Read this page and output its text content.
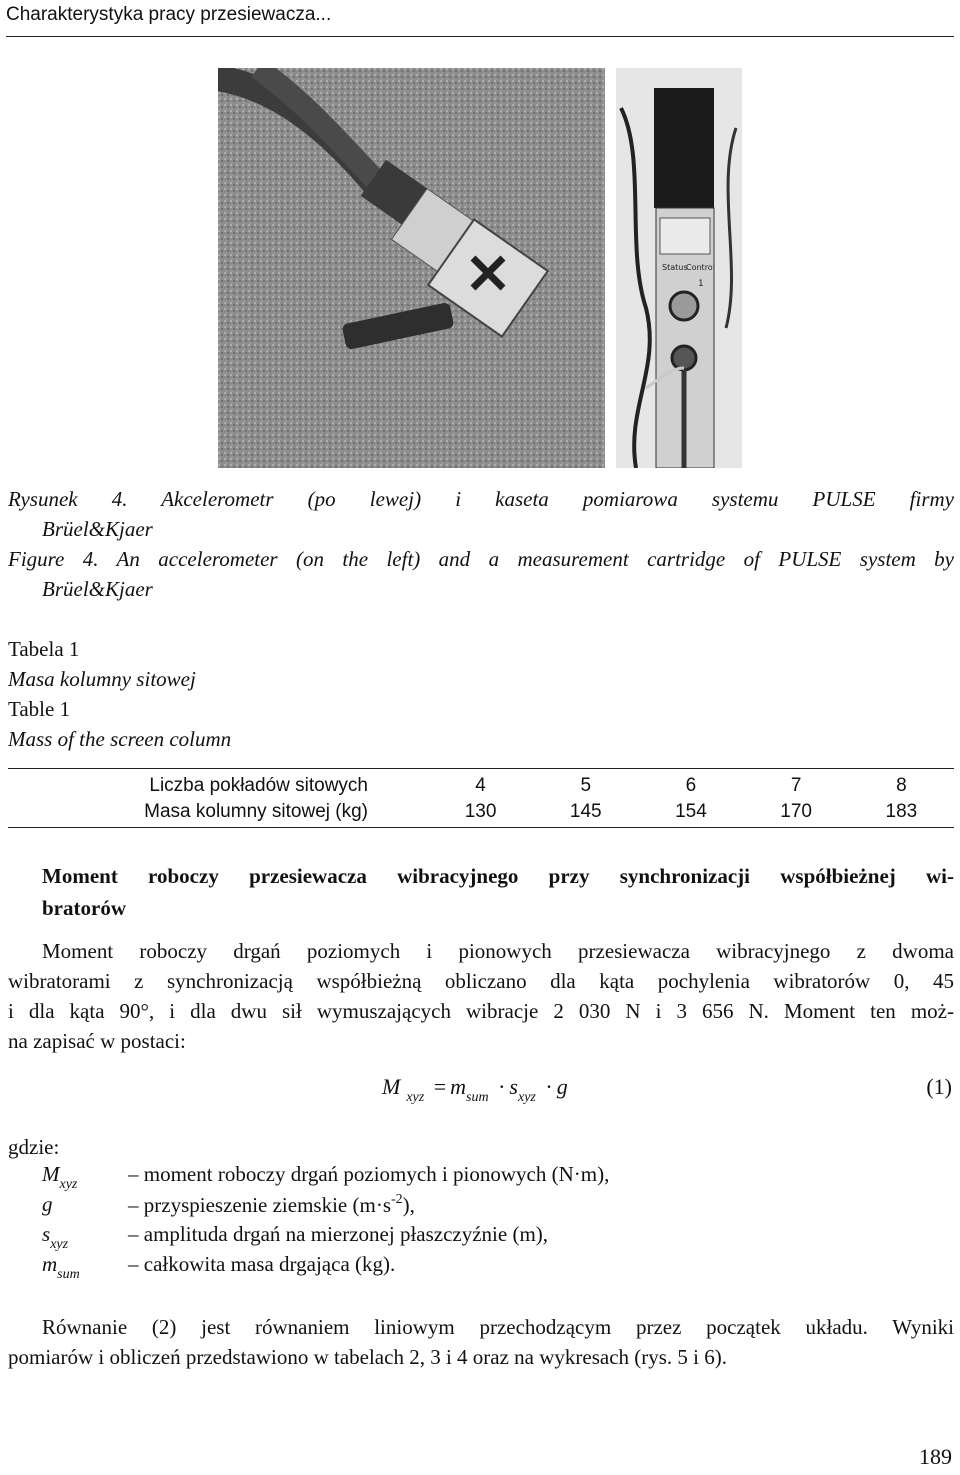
Charakterystyka pracy przesiewacza...
Status
Control
1
Rysunek 4. Akcelerometr (po lewej) i kaseta pomiarowa systemu PULSE firmy
Brüel&Kjaer
Figure 4. An accelerometer (on the left) and a measurement cartridge of PULSE system by
Brüel&Kjaer
Tabela 1
Masa kolumny sitowej
Table 1
Mass of the screen column
Liczba pokładów sitowych	4	5	6	7	8
Masa kolumny sitowej (kg)	130	145	154	170	183
Moment roboczy przesiewacza wibracyjnego przy synchronizacji współbieżnej wi-
bratorów
Moment roboczy drgań poziomych i pionowych przesiewacza wibracyjnego z dwoma
wibratorami z synchronizacją współbieżną obliczano dla kąta pochylenia wibratorów 0, 45
i dla kąta 90°, i dla dwu sił wymuszających wibracje 2 030 N i 3 656 N. Moment ten moż-
na zapisać w postaci:
M $_{xyz} = m_{sum} \cdot s_{xyz} \cdot g$	(1)
gdzie:
$M_{xyz}$ – moment roboczy drgań poziomych i pionowych (N·m),
g	– przyspieszenie ziemskie $(m\cdot s^{-2})$,
$s_{xyz}$	– amplituda drgań na mierzonej płaszczyźnie (m),
$m_{sum}$ – całkowita masa drgająca (kg).
Równanie (2) jest równaniem liniowym przechodzącym przez początek układu. Wyniki
pomiarów i obliczeń przedstawiono w tabelach 2, 3 i 4 oraz na wykresach (rys. 5 i 6).
189
